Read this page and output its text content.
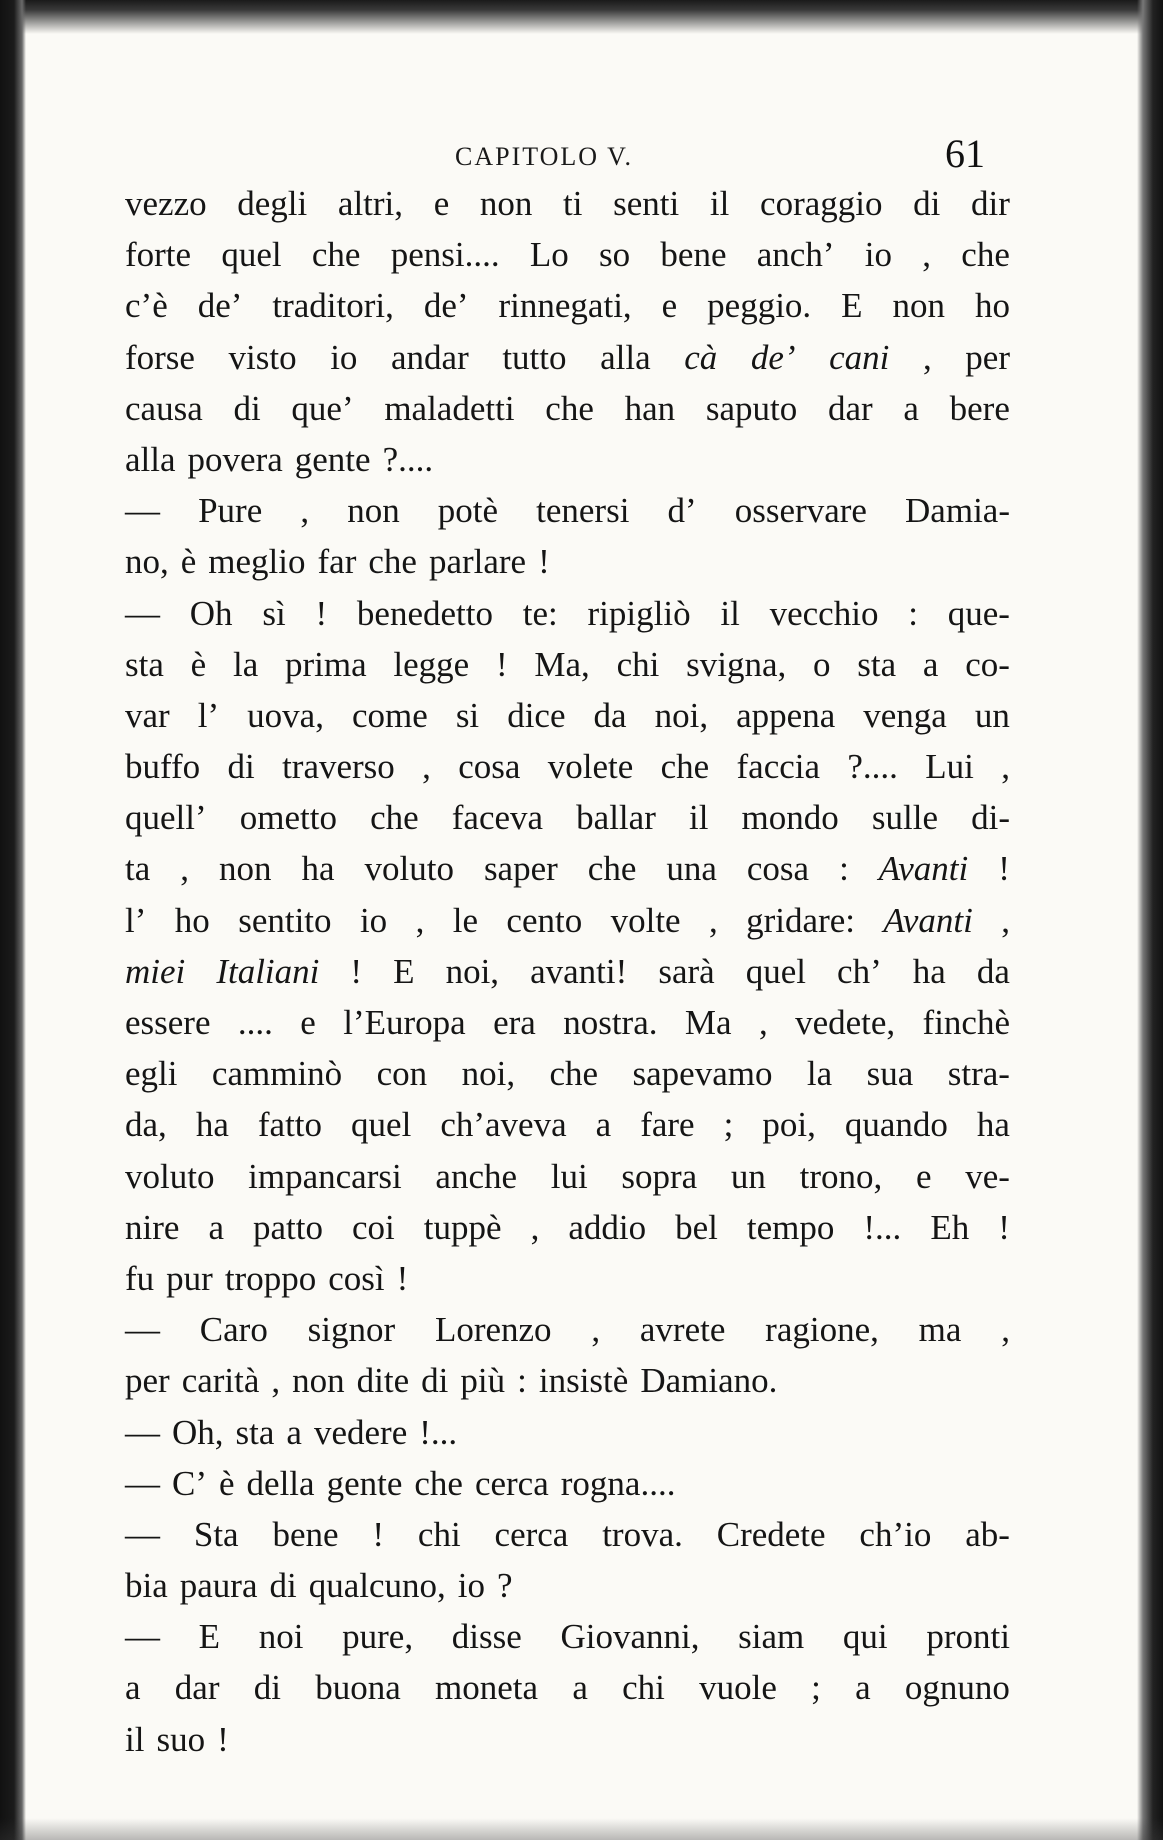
CAPITOLO V.	61
vezzo degli altri, e non ti senti il coraggio di dir
forte quel che pensi.... Lo so bene anch’ io , che
c’è de’ traditori, de’ rinnegati, e peggio. E non ho
forse visto io andar tutto alla cà de’ cani , per
causa di que’ maladetti che han saputo dar a bere
alla povera gente ?....
— Pure , non potè tenersi d’ osservare Damia-
no, è meglio far che parlare !
— Oh sì ! benedetto te: ripigliò il vecchio : que-
sta è la prima legge ! Ma, chi svigna, o sta a co-
var l’ uova, come si dice da noi, appena venga un
buffo di traverso , cosa volete che faccia ?.... Lui ,
quell’ ometto che faceva ballar il mondo sulle di-
ta , non ha voluto saper che una cosa : Avanti !
l’ ho sentito io , le cento volte , gridare: Avanti ,
miei Italiani ! E noi, avanti! sarà quel ch’ ha da
essere .... e l’Europa era nostra. Ma , vedete, finchè
egli camminò con noi, che sapevamo la sua stra-
da, ha fatto quel ch’aveva a fare ; poi, quando ha
voluto impancarsi anche lui sopra un trono, e ve-
nire a patto coi tuppè , addio bel tempo !... Eh !
fu pur troppo così !
— Caro signor Lorenzo , avrete ragione, ma ,
per carità , non dite di più : insistè Damiano.
— Oh, sta a vedere !...
— C’ è della gente che cerca rogna....
— Sta bene ! chi cerca trova. Credete ch’io ab-
bia paura di qualcuno, io ?
— E noi pure, disse Giovanni, siam qui pronti
a dar di buona moneta a chi vuole ; a ognuno
il suo !
